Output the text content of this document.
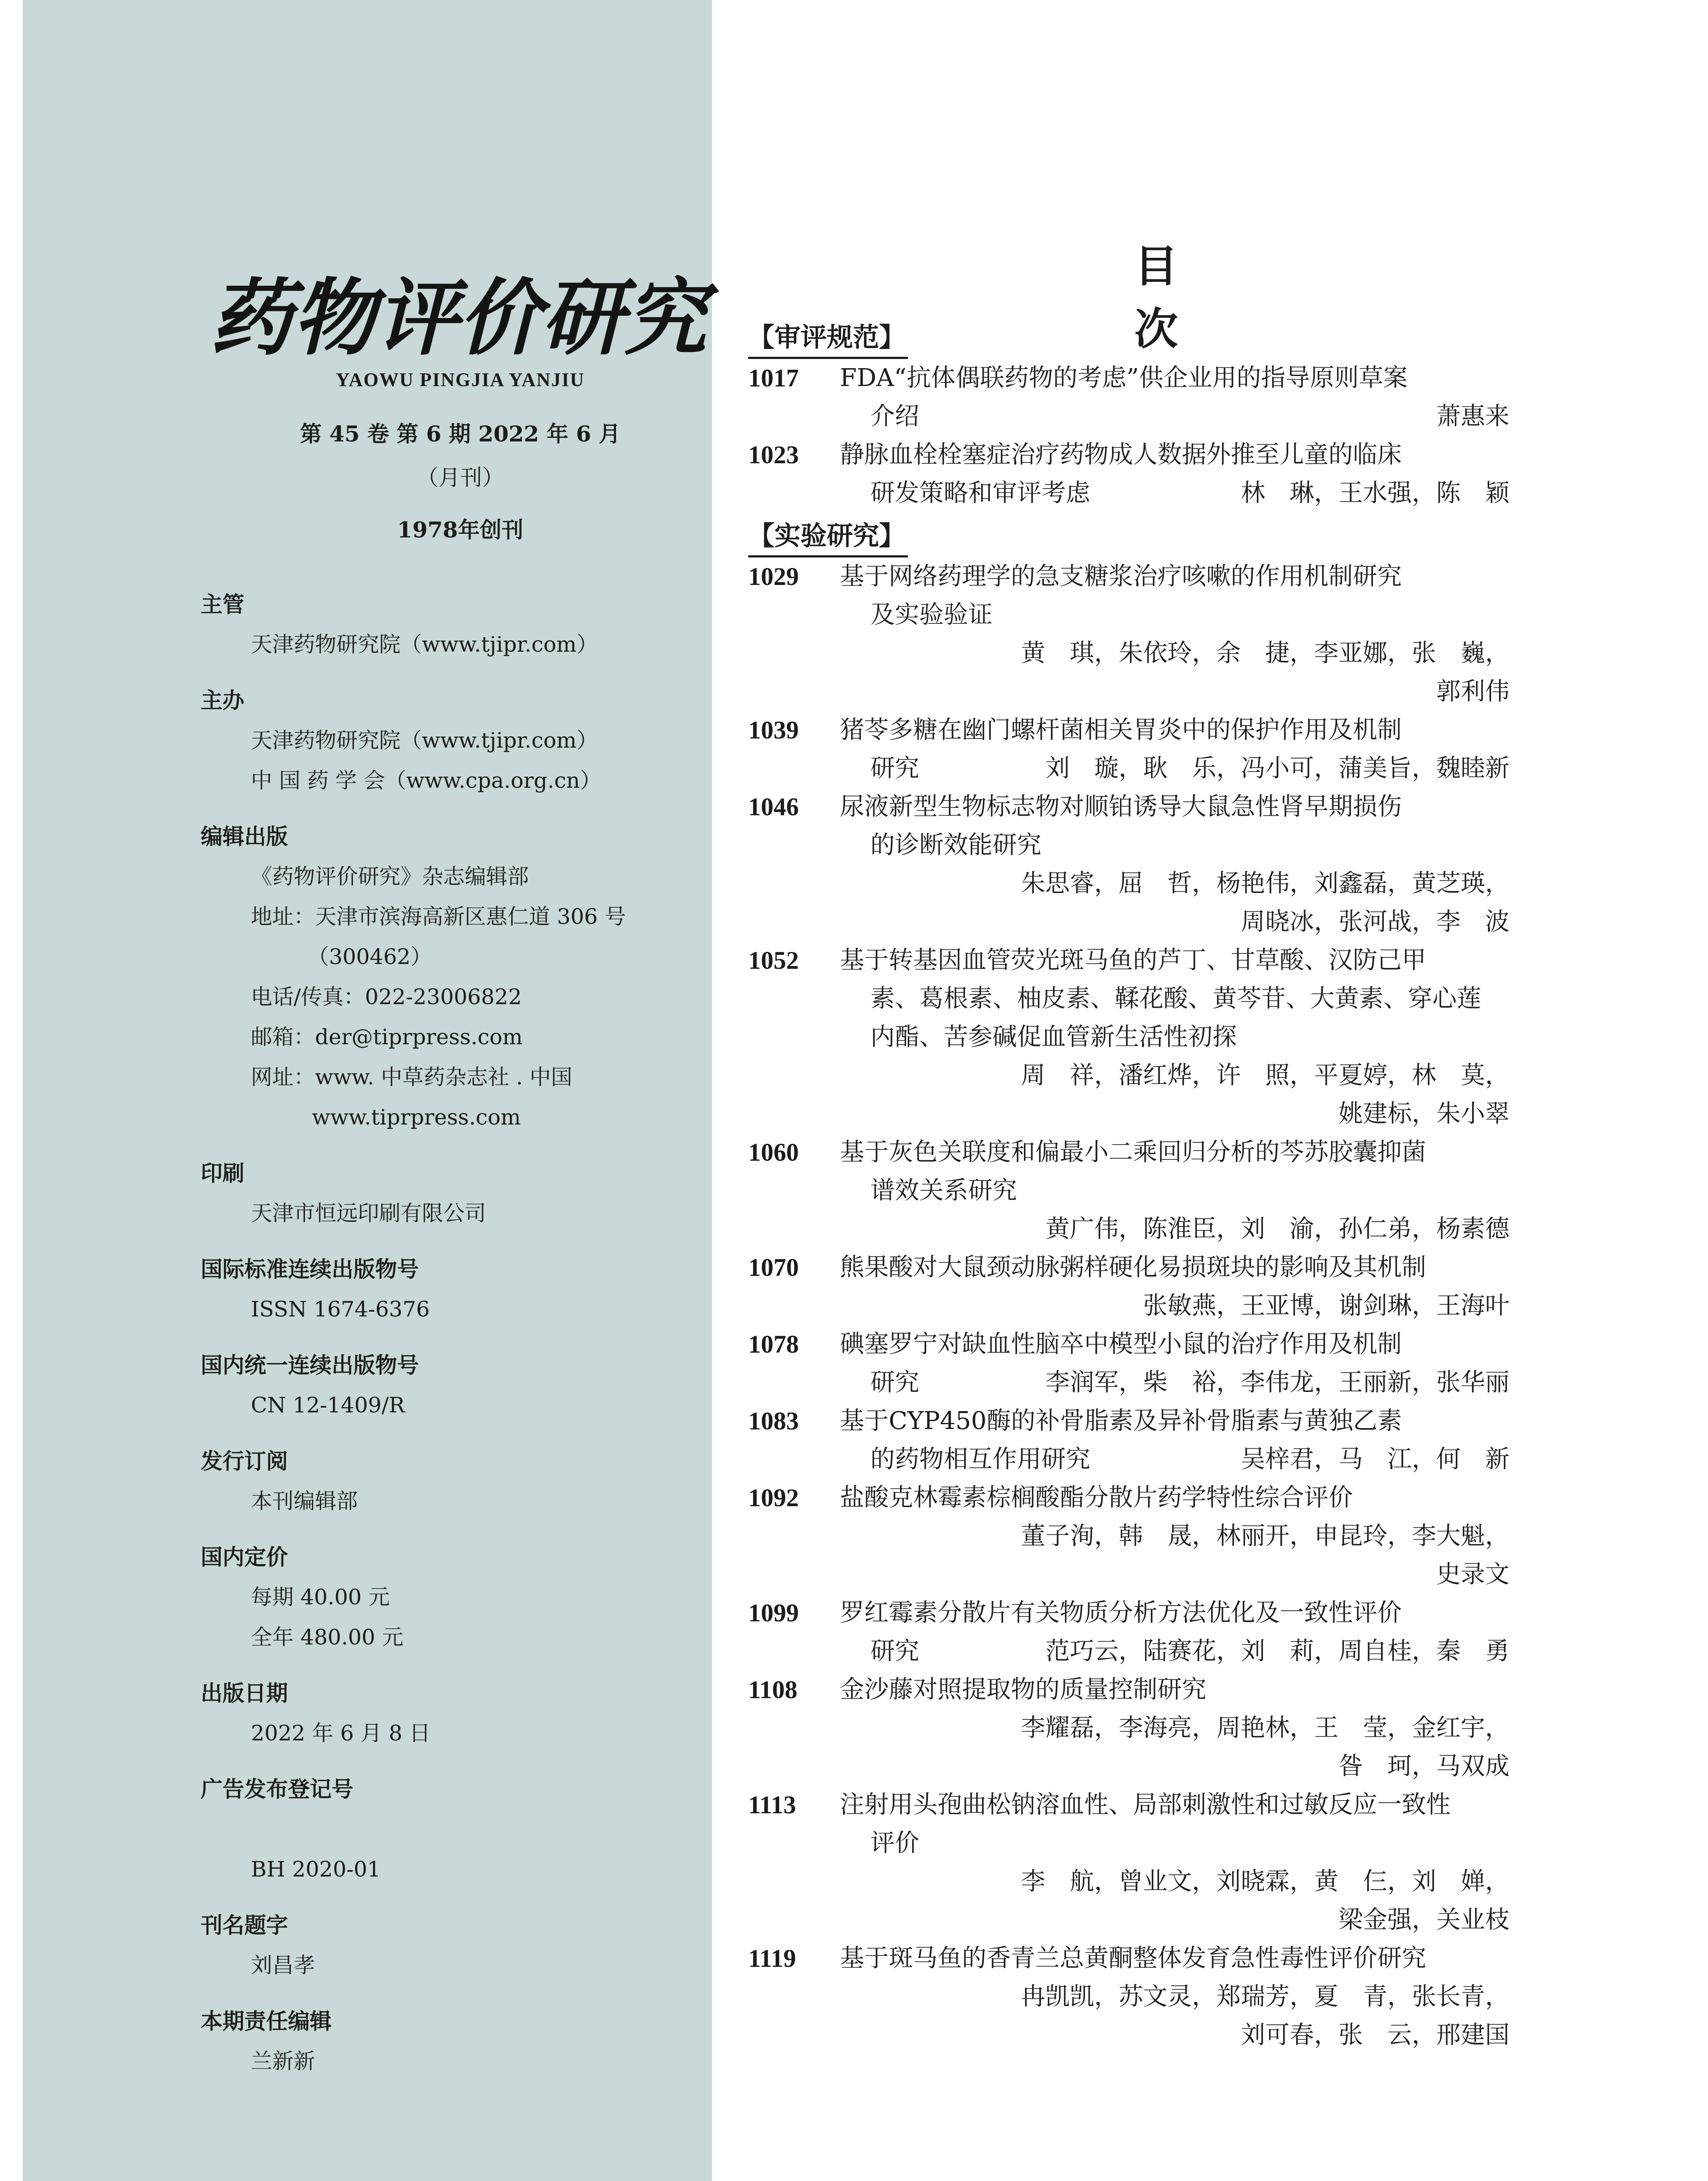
药物评价研究
YAOWU PINGJIA YANJIU
第 45 卷 第 6 期 2022 年 6 月
（月刊）
1978年创刊
主管
天津药物研究院（www.tjipr.com）
主办
天津药物研究院（www.tjipr.com）
中 国 药 学 会（www.cpa.org.cn）
编辑出版
《药物评价研究》杂志编辑部
地址：天津市滨海高新区惠仁道 306 号
（300462）
电话/传真：022-23006822
邮箱：der@tiprpress.com
网址：www. 中草药杂志社 . 中国
www.tiprpress.com
印刷
天津市恒远印刷有限公司
国际标准连续出版物号
ISSN 1674-6376
国内统一连续出版物号
CN 12-1409/R
发行订阅
本刊编辑部
国内定价
每期 40.00 元
全年 480.00 元
出版日期
2022 年 6 月 8 日
广告发布登记号

BH 2020-01
刊名题字
刘昌孝
本期责任编辑
兰新新
目 次
【审评规范】
1017	FDA“抗体偶联药物的考虑”供企业用的指导原则草案
介绍	萧惠来
1023	静脉血栓栓塞症治疗药物成人数据外推至儿童的临床
研发策略和审评考虑	林　琳，王水强，陈　颖
【实验研究】
1029	基于网络药理学的急支糖浆治疗咳嗽的作用机制研究
及实验验证
黄　琪，朱依玲，余　捷，李亚娜，张　巍，
郭利伟
1039	猪苓多糖在幽门螺杆菌相关胃炎中的保护作用及机制
研究	刘　璇，耿　乐，冯小可，蒲美旨，魏睦新
1046	尿液新型生物标志物对顺铂诱导大鼠急性肾早期损伤
的诊断效能研究
朱思睿，屈　哲，杨艳伟，刘鑫磊，黄芝瑛，
周晓冰，张河战，李　波
1052	基于转基因血管荧光斑马鱼的芦丁、甘草酸、汉防己甲
素、葛根素、柚皮素、鞣花酸、黄芩苷、大黄素、穿心莲
内酯、苦参碱促血管新生活性初探
周　祥，潘红烨，许　照，平夏婷，林　莫，
姚建标，朱小翠
1060	基于灰色关联度和偏最小二乘回归分析的芩苏胶囊抑菌
谱效关系研究
黄广伟，陈淮臣，刘　渝，孙仁弟，杨素德
1070	熊果酸对大鼠颈动脉粥样硬化易损斑块的影响及其机制
张敏燕，王亚博，谢剑琳，王海叶
1078	碘塞罗宁对缺血性脑卒中模型小鼠的治疗作用及机制
研究	李润军，柴　裕，李伟龙，王丽新，张华丽
1083	基于CYP450酶的补骨脂素及异补骨脂素与黄独乙素
的药物相互作用研究	吴梓君，马　江，何　新
1092	盐酸克林霉素棕榈酸酯分散片药学特性综合评价
董子洵，韩　晟，林丽开，申昆玲，李大魁，
史录文
1099	罗红霉素分散片有关物质分析方法优化及一致性评价
研究	范巧云，陆赛花，刘　莉，周自桂，秦　勇
1108	金沙藤对照提取物的质量控制研究
李耀磊，李海亮，周艳林，王　莹，金红宇，
昝　珂，马双成
1113	注射用头孢曲松钠溶血性、局部刺激性和过敏反应一致性
评价
李　航，曾业文，刘晓霖，黄　仨，刘　婵，
梁金强，关业枝
1119	基于斑马鱼的香青兰总黄酮整体发育急性毒性评价研究
冉凯凯，苏文灵，郑瑞芳，夏　青，张长青，
刘可春，张　云，邢建国
